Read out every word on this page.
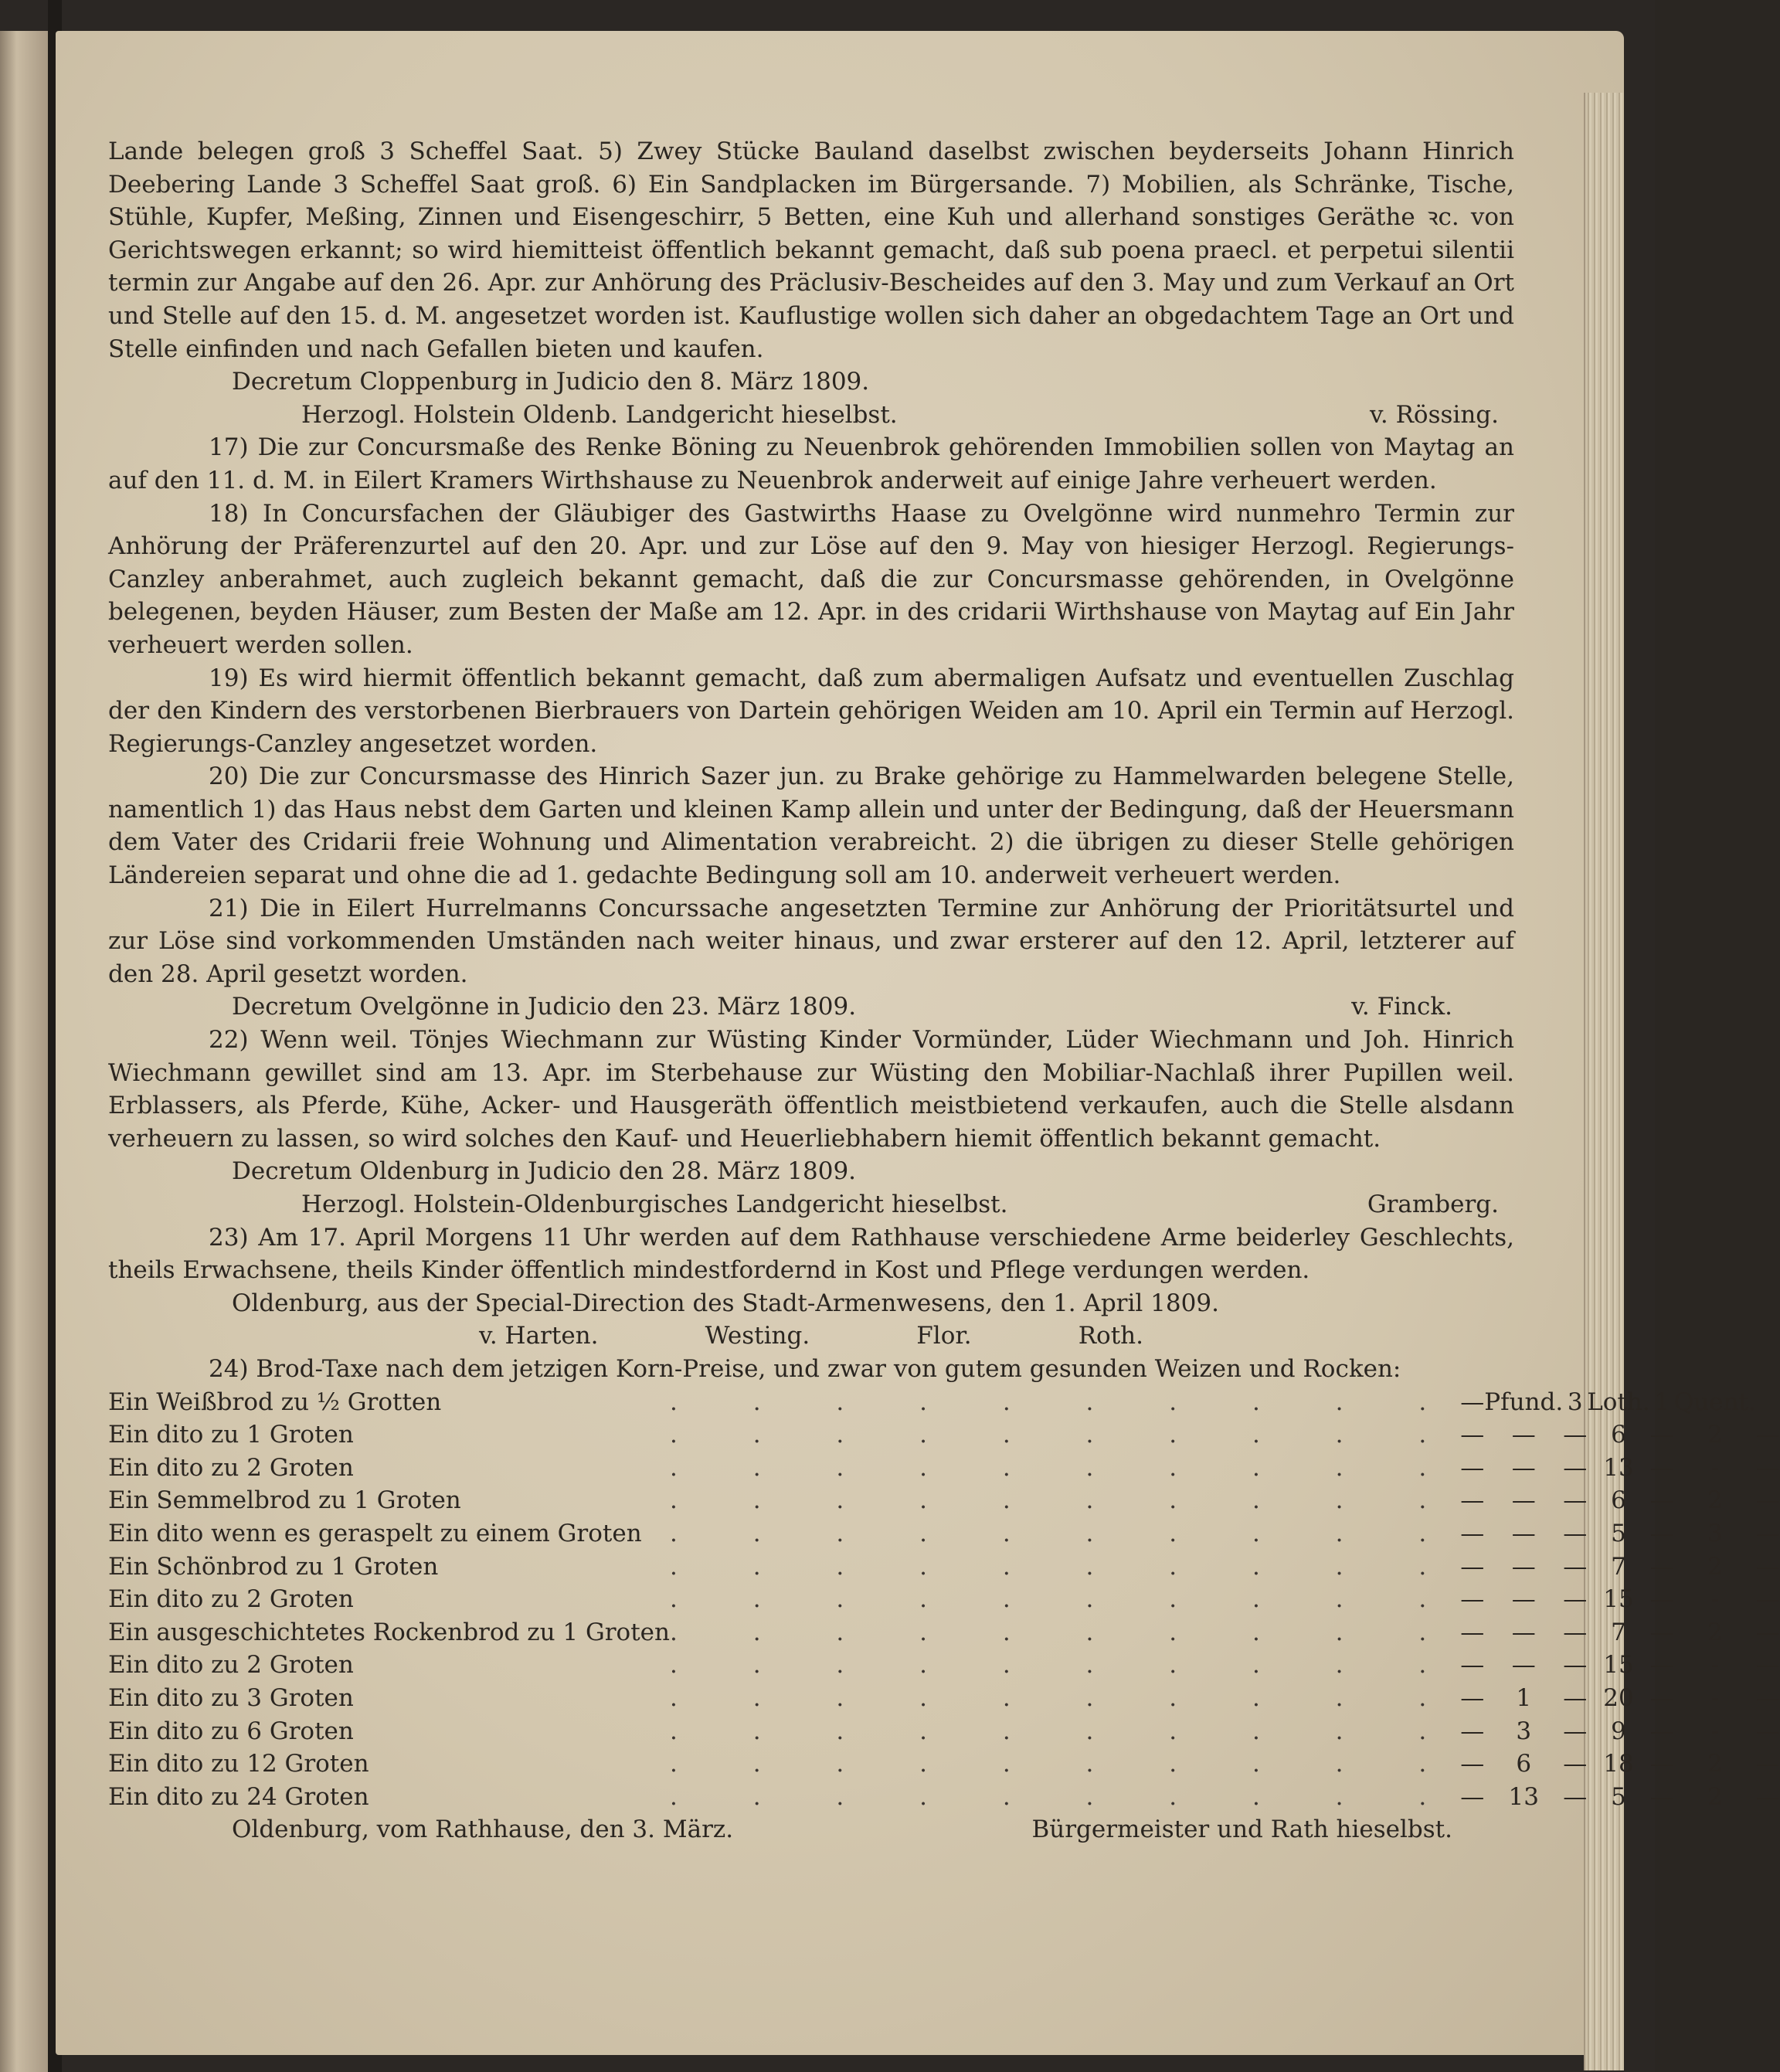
Lande belegen groß 3 Scheffel Saat. 5) Zwey Stücke Bauland daselbst zwischen beyderseits Johann Hinrich Deebering Lande 3 Scheffel Saat groß. 6) Ein Sandplacken im Bürgersande. 7) Mobilien, als Schränke, Tische, Stühle, Kupfer, Meßing, Zinnen und Eisengeschirr, 5 Betten, eine Kuh und allerhand sonstiges Geräthe ꝛc. von Gerichtswegen erkannt; so wird hiemitteist öffentlich bekannt gemacht, daß sub poena praecl. et perpetui silentii termin zur Angabe auf den 26. Apr. zur Anhörung des Präclusiv-Bescheides auf den 3. May und zum Verkauf an Ort und Stelle auf den 15. d. M. angesetzet worden ist. Kauflustige wollen sich daher an obgedachtem Tage an Ort und Stelle einfinden und nach Gefallen bieten und kaufen.

Decretum Cloppenburg in Judicio den 8. März 1809.
Herzogl. Holstein Oldenb. Landgericht hieselbst.	v. Rössing.

17) Die zur Concursmaße des Renke Böning zu Neuenbrok gehörenden Immobilien sollen von Maytag an auf den 11. d. M. in Eilert Kramers Wirthshause zu Neuenbrok anderweit auf einige Jahre verheuert werden.

18) In Concursfachen der Gläubiger des Gastwirths Haase zu Ovelgönne wird nunmehro Termin zur Anhörung der Präferenzurtel auf den 20. Apr. und zur Löse auf den 9. May von hiesiger Herzogl. Regierungs-Canzley anberahmet, auch zugleich bekannt gemacht, daß die zur Concursmasse gehörenden, in Ovelgönne belegenen, beyden Häuser, zum Besten der Maße am 12. Apr. in des cridarii Wirthshause von Maytag auf Ein Jahr verheuert werden sollen.

19) Es wird hiermit öffentlich bekannt gemacht, daß zum abermaligen Aufsatz und eventuellen Zuschlag der den Kindern des verstorbenen Bierbrauers von Dartein gehörigen Weiden am 10. April ein Termin auf Herzogl. Regierungs-Canzley angesetzet worden.

20) Die zur Concursmasse des Hinrich Sazer jun. zu Brake gehörige zu Hammelwarden belegene Stelle, namentlich 1) das Haus nebst dem Garten und kleinen Kamp allein und unter der Bedingung, daß der Heuersmann dem Vater des Cridarii freie Wohnung und Alimentation verabreicht. 2) die übrigen zu dieser Stelle gehörigen Ländereien separat und ohne die ad 1. gedachte Bedingung soll am 10. anderweit verheuert werden.

21) Die in Eilert Hurrelmanns Concurssache angesetzten Termine zur Anhörung der Prioritätsurtel und zur Löse sind vorkommenden Umständen nach weiter hinaus, und zwar ersterer auf den 12. April, letzterer auf den 28. April gesetzt worden.

Decretum Ovelgönne in Judicio den 23. März 1809.	v. Finck.

22) Wenn weil. Tönjes Wiechmann zur Wüsting Kinder Vormünder, Lüder Wiechmann und Joh. Hinrich Wiechmann gewillet sind am 13. Apr. im Sterbehause zur Wüsting den Mobiliar-Nachlaß ihrer Pupillen weil. Erblassers, als Pferde, Kühe, Acker- und Hausgeräth öffentlich meistbietend verkaufen, auch die Stelle alsdann verheuern zu lassen, so wird solches den Kauf- und Heuerliebhabern hiemit öffentlich bekannt gemacht.

Decretum Oldenburg in Judicio den 28. März 1809.
Herzogl. Holstein-Oldenburgisches Landgericht hieselbst.	Gramberg.

23) Am 17. April Morgens 11 Uhr werden auf dem Rathhause verschiedene Arme beiderley Geschlechts, theils Erwachsene, theils Kinder öffentlich mindestfordernd in Kost und Pflege verdungen werden.

Oldenburg, aus der Special-Direction des Stadt-Armenwesens, den 1. April 1809.
v. Harten.	Westing.	Flor.	Roth.

24) Brod-Taxe nach dem jetzigen Korn-Preise, und zwar von gutem gesunden Weizen und Rocken:

Ein Weißbrod zu ½ Grotten	. . . . . . . . . .	—	Pfund.	3	Loth.	1	Quent.	
Ein dito zu 1 Groten	. . . . . . . . . .	—	—	—	6	—	2	—
Ein dito zu 2 Groten	. . . . . . . . . .	—	—	—	13	—	-	—
Ein Semmelbrod zu 1 Groten	. . . . . . . . . .	—	—	—	6	—	2	—
Ein dito wenn es geraspelt zu einem Groten	. . . . . . . . . .	—	—	—	5	—	3	—
Ein Schönbrod zu 1 Groten	. . . . . . . . . .	—	—	—	7	—	2	—
Ein dito zu 2 Groten	. . . . . . . . . .	—	—	—	15	—	-	—
Ein ausgeschichtetes Rockenbrod zu 1 Groten	. . . . . . . . . .	—	—	—	7	—	2	—
Ein dito zu 2 Groten	. . . . . . . . . .	—	—	—	15	—	-	—
Ein dito zu 3 Groten	. . . . . . . . . .	—	1	—	20	—	-	—
Ein dito zu 6 Groten	. . . . . . . . . .	—	3	—	9	—	-	—
Ein dito zu 12 Groten	. . . . . . . . . .	—	6	—	18	—	2	—
Ein dito zu 24 Groten	. . . . . . . . . .	—	13	—	5	—	2	—
Oldenburg, vom Rathhause, den 3. März.	Bürgermeister und Rath hieselbst.
